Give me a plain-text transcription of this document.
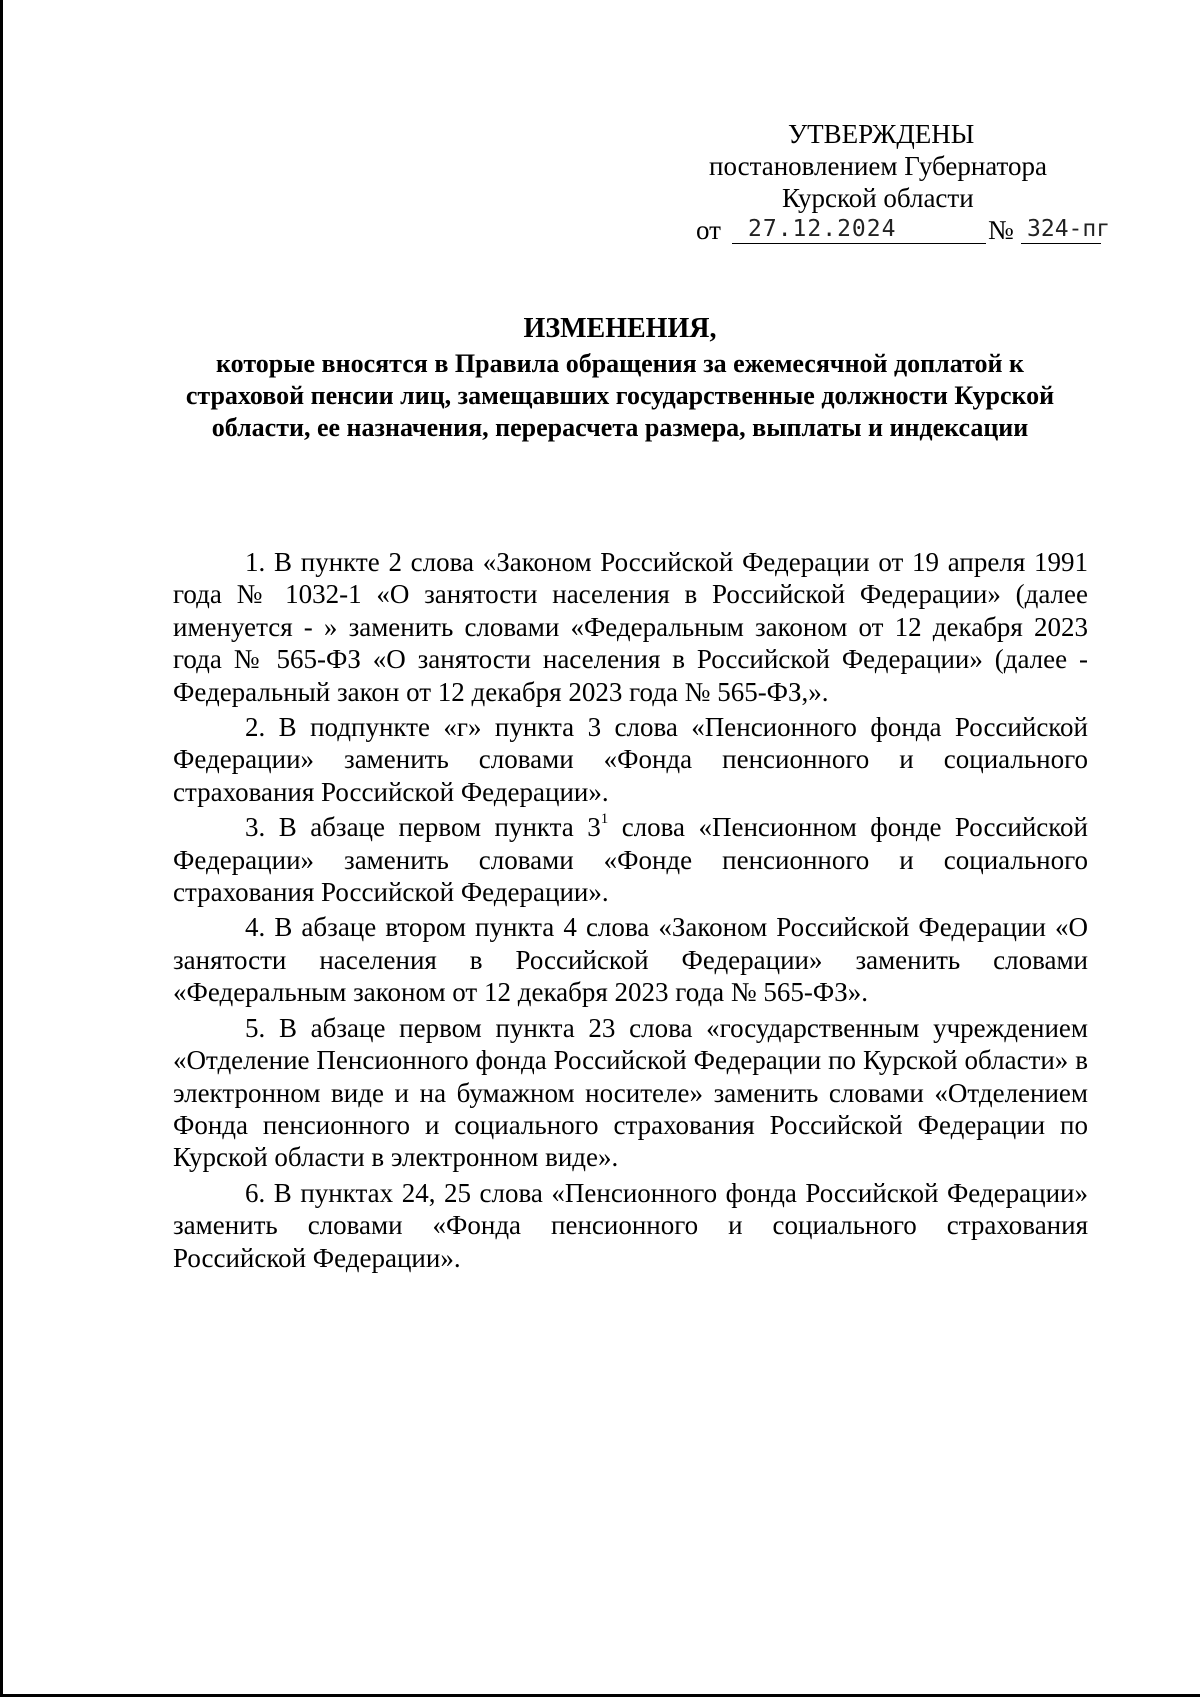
УТВЕРЖДЕНЫ
постановлением Губернатора
Курской области
от 27.12.2024	№ 324-пг
ИЗМЕНЕНИЯ,
которые вносятся в Правила обращения за ежемесячной доплатой к страховой пенсии лиц, замещавших государственные должности Курской области, ее назначения, перерасчета размера, выплаты и индексации

1. В пункте 2 слова «Законом Российской Федерации от 19 апреля 1991 года № 1032-1 «О занятости населения в Российской Федерации» (далее именуется - » заменить словами «Федеральным законом от 12 декабря 2023 года № 565-ФЗ «О занятости населения в Российской Федерации» (далее - Федеральный закон от 12 декабря 2023 года № 565-ФЗ,».

2. В подпункте «г» пункта 3 слова «Пенсионного фонда Российской Федерации» заменить словами «Фонда пенсионного и социального страхования Российской Федерации».

3. В абзаце первом пункта $3^1$ слова «Пенсионном фонде Российской Федерации» заменить словами «Фонде пенсионного и социального страхования Российской Федерации».

4. В абзаце втором пункта 4 слова «Законом Российской Федерации «О занятости населения в Российской Федерации» заменить словами «Федеральным законом от 12 декабря 2023 года № 565-ФЗ».

5. В абзаце первом пункта 23 слова «государственным учреждением «Отделение Пенсионного фонда Российской Федерации по Курской области» в электронном виде и на бумажном носителе» заменить словами «Отделением Фонда пенсионного и социального страхования Российской Федерации по Курской области в электронном виде».

6. В пунктах 24, 25 слова «Пенсионного фонда Российской Федерации» заменить словами «Фонда пенсионного и социального страхования Российской Федерации».
